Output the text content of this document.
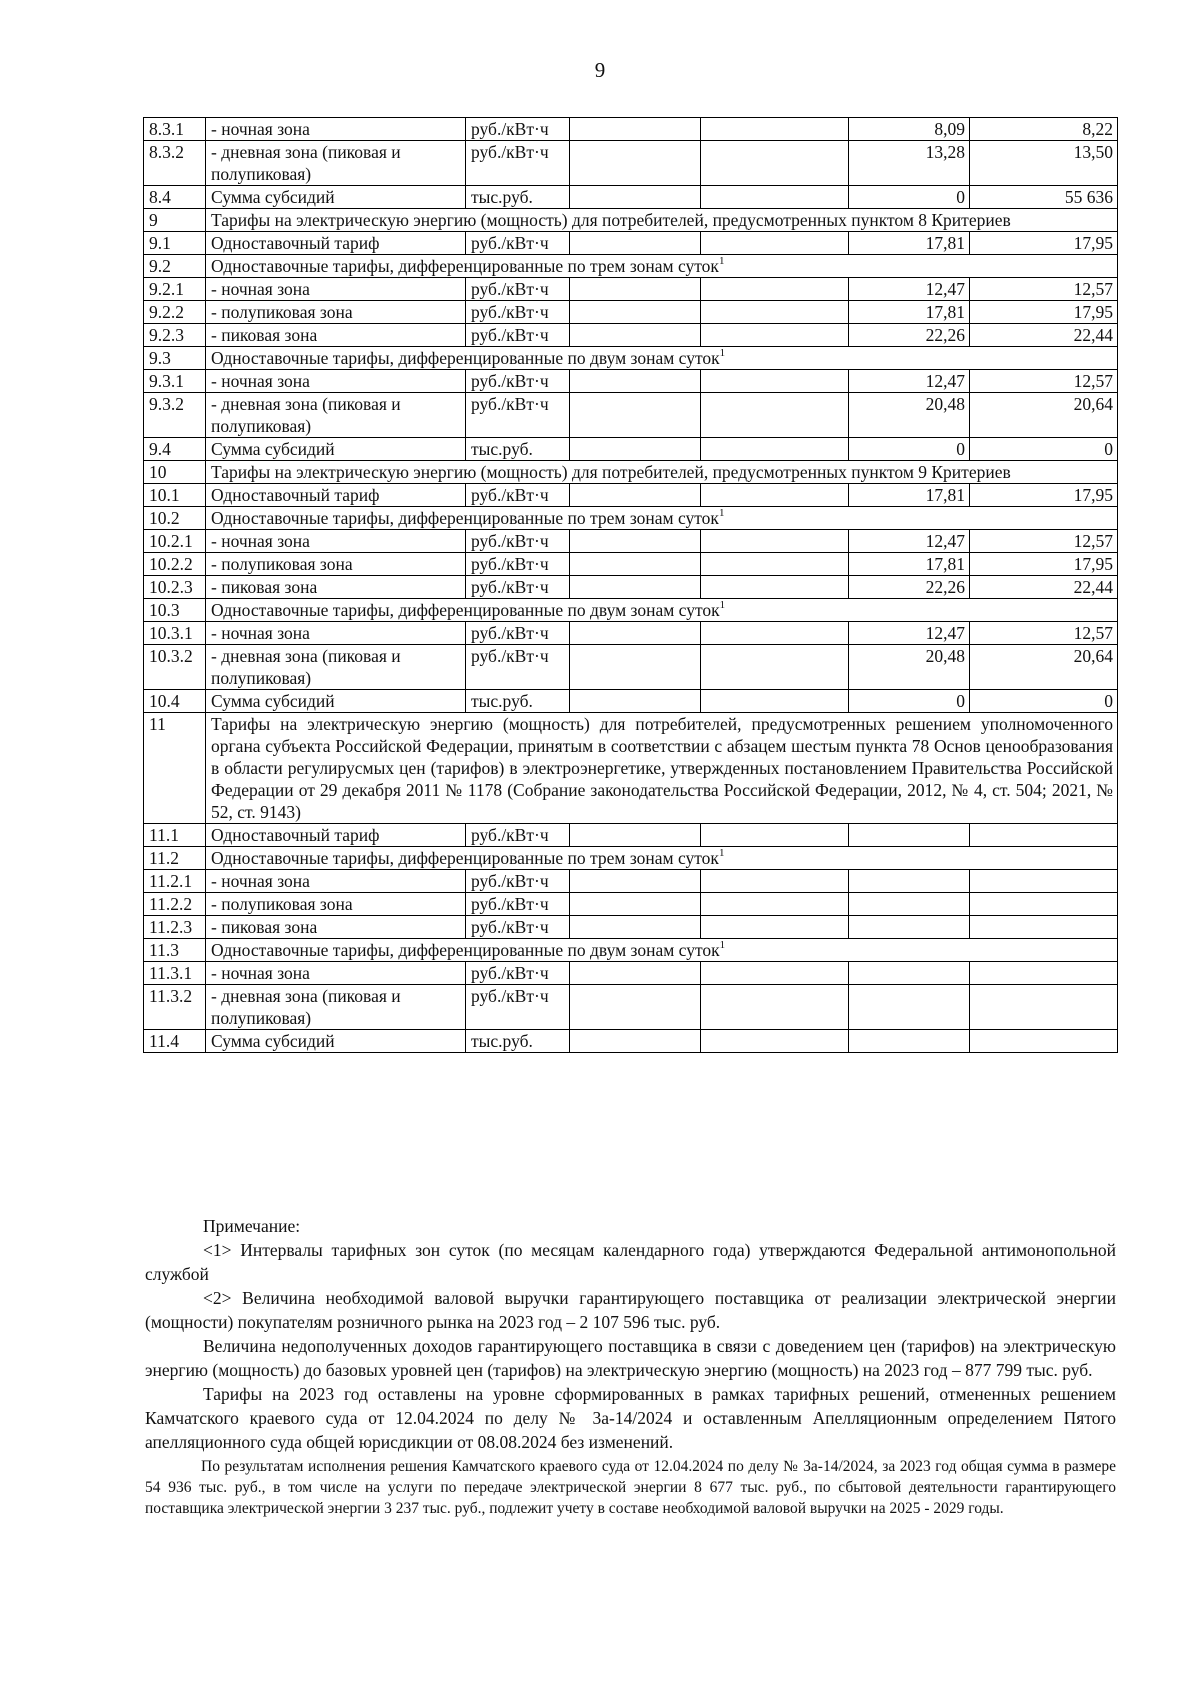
9
8.3.1	- ночная зона	руб./кВт·ч			8,09	8,22
8.3.2	- дневная зона (пиковая и полупиковая)	руб./кВт·ч			13,28	13,50
8.4	Сумма субсидий	тыс.руб.			0	55 636
9	Тарифы на электрическую энергию (мощность) для потребителей, предусмотренных пунктом 8 Критериев					
9.1	Одноставочный тариф	руб./кВт·ч			17,81	17,95
9.2	Одноставочные тарифы, дифференцированные по трем зонам суток$^1$
9.2.1	- ночная зона	руб./кВт·ч			12,47	12,57
9.2.2	- полупиковая зона	руб./кВт·ч			17,81	17,95
9.2.3	- пиковая зона	руб./кВт·ч			22,26	22,44
9.3	Одноставочные тарифы, дифференцированные по двум зонам суток$^1$
9.3.1	- ночная зона	руб./кВт·ч			12,47	12,57
9.3.2	- дневная зона (пиковая и полупиковая)	руб./кВт·ч			20,48	20,64
9.4	Сумма субсидий	тыс.руб.			0	0
10	Тарифы на электрическую энергию (мощность) для потребителей, предусмотренных пунктом 9 Критериев					
10.1	Одноставочный тариф	руб./кВт·ч			17,81	17,95
10.2	Одноставочные тарифы, дифференцированные по трем зонам суток$^1$
10.2.1	- ночная зона	руб./кВт·ч			12,47	12,57
10.2.2	- полупиковая зона	руб./кВт·ч			17,81	17,95
10.2.3	- пиковая зона	руб./кВт·ч			22,26	22,44
10.3	Одноставочные тарифы, дифференцированные по двум зонам суток$^1$
10.3.1	- ночная зона	руб./кВт·ч			12,47	12,57
10.3.2	- дневная зона (пиковая и полупиковая)	руб./кВт·ч			20,48	20,64
10.4	Сумма субсидий	тыс.руб.			0	0
11	Тарифы на электрическую энергию (мощность) для потребителей, предусмотренных решением уполномоченного органа субъекта Российской Федерации, принятым в соответствии с абзацем шестым пункта 78 Основ ценообразования в области регулирусмых цен (тарифов) в электроэнергетике, утвержденных постановлением Правительства Российской Федерации от 29 декабря 2011 № 1178 (Собрание законодательства Российской Федерации, 2012, № 4, ст. 504; 2021, № 52, ст. 9143)					
11.1	Одноставочный тариф	руб./кВт·ч				
11.2	Одноставочные тарифы, дифференцированные по трем зонам суток$^1$
11.2.1	- ночная зона	руб./кВт·ч				
11.2.2	- полупиковая зона	руб./кВт·ч				
11.2.3	- пиковая зона	руб./кВт·ч				
11.3	Одноставочные тарифы, дифференцированные по двум зонам суток$^1$
11.3.1	- ночная зона	руб./кВт·ч				
11.3.2	- дневная зона (пиковая и полупиковая)	руб./кВт·ч				
11.4	Сумма субсидий	тыс.руб.				

Примечание:

<1> Интервалы тарифных зон суток (по месяцам календарного года) утверждаются Федеральной антимонопольной службой

<2> Величина необходимой валовой выручки гарантирующего поставщика от реализации электрической энергии (мощности) покупателям розничного рынка на 2023 год – 2 107 596 тыс. руб.

Величина недополученных доходов гарантирующего поставщика в связи с доведением цен (тарифов) на электрическую энергию (мощность) до базовых уровней цен (тарифов) на электрическую энергию (мощность) на 2023 год – 877 799 тыс. руб.

Тарифы на 2023 год оставлены на уровне сформированных в рамках тарифных решений, отмененных решением Камчатского краевого суда от 12.04.2024 по делу № 3а-14/2024 и оставленным Апелляционным определением Пятого апелляционного суда общей юрисдикции от 08.08.2024 без изменений.

По результатам исполнения решения Камчатского краевого суда от 12.04.2024 по делу № 3а-14/2024, за 2023 год общая сумма в размере 54 936 тыс. руб., в том числе на услуги по передаче электрической энергии 8 677 тыс. руб., по сбытовой деятельности гарантирующего поставщика электрической энергии 3 237 тыс. руб., подлежит учету в составе необходимой валовой выручки на 2025 - 2029 годы.
